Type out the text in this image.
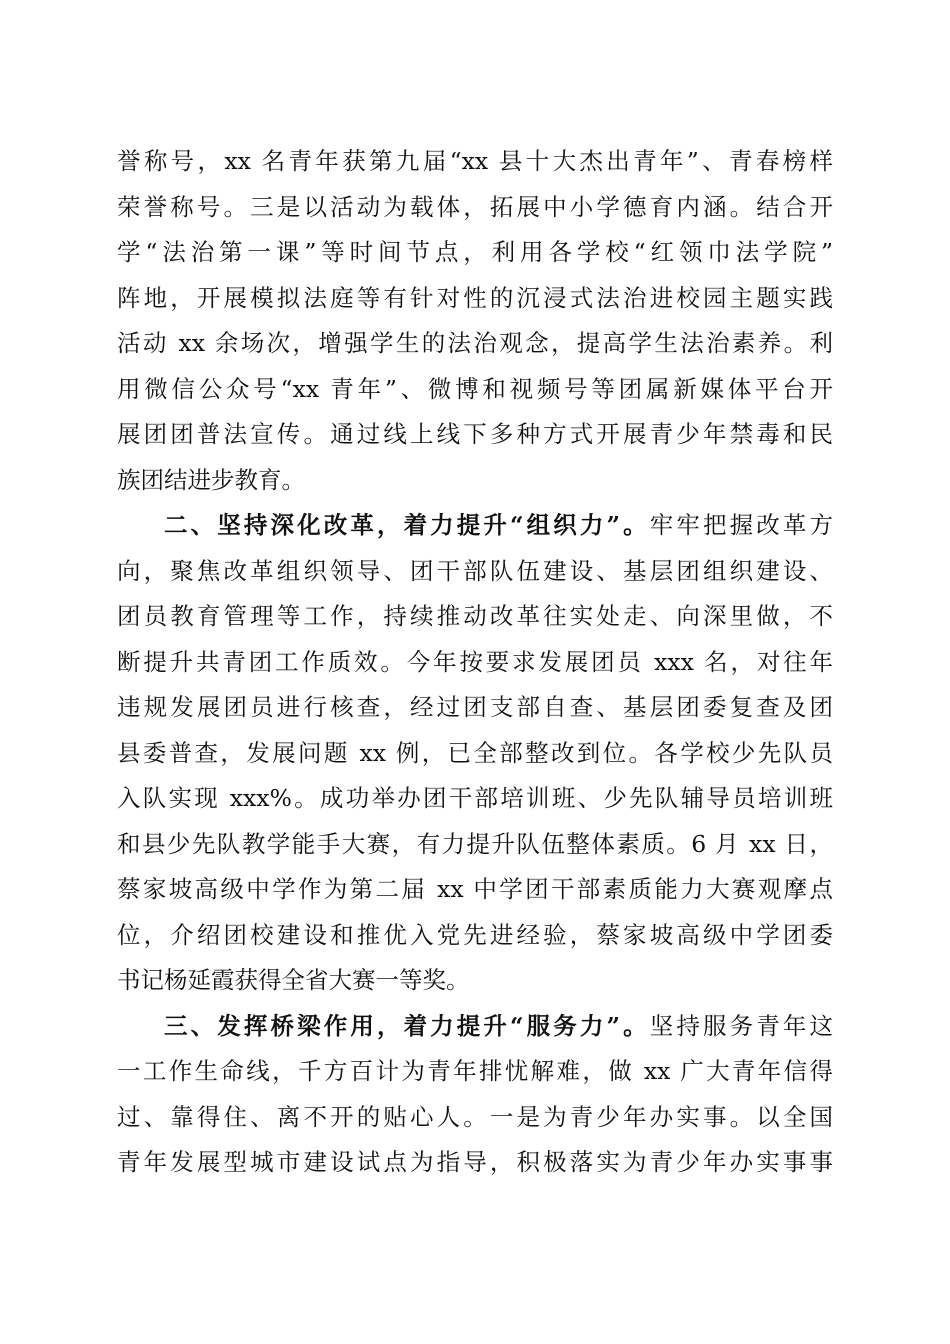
誉称号，xx 名青年获第九届“xx 县十大杰出青年”、青春榜样
荣誉称号。三是以活动为载体，拓展中小学德育内涵。结合开
学“法治第一课”等时间节点，利用各学校“红领巾法学院”
阵地，开展模拟法庭等有针对性的沉浸式法治进校园主题实践
活动 xx 余场次，增强学生的法治观念，提高学生法治素养。利
用微信公众号“xx 青年”、微博和视频号等团属新媒体平台开
展团团普法宣传。通过线上线下多种方式开展青少年禁毒和民
族团结进步教育。
二、坚持深化改革，着力提升“组织力”。牢牢把握改革方
向，聚焦改革组织领导、团干部队伍建设、基层团组织建设、
团员教育管理等工作，持续推动改革往实处走、向深里做，不
断提升共青团工作质效。今年按要求发展团员 xxx 名，对往年
违规发展团员进行核查，经过团支部自查、基层团委复查及团
县委普查，发展问题 xx 例，已全部整改到位。各学校少先队员
入队实现 xxx%。成功举办团干部培训班、少先队辅导员培训班
和县少先队教学能手大赛，有力提升队伍整体素质。6 月 xx 日，
蔡家坡高级中学作为第二届 xx 中学团干部素质能力大赛观摩点
位，介绍团校建设和推优入党先进经验，蔡家坡高级中学团委
书记杨延霞获得全省大赛一等奖。
三、发挥桥梁作用，着力提升“服务力”。坚持服务青年这
一工作生命线，千方百计为青年排忧解难，做 xx 广大青年信得
过、靠得住、离不开的贴心人。一是为青少年办实事。以全国
青年发展型城市建设试点为指导，积极落实为青少年办实事事
